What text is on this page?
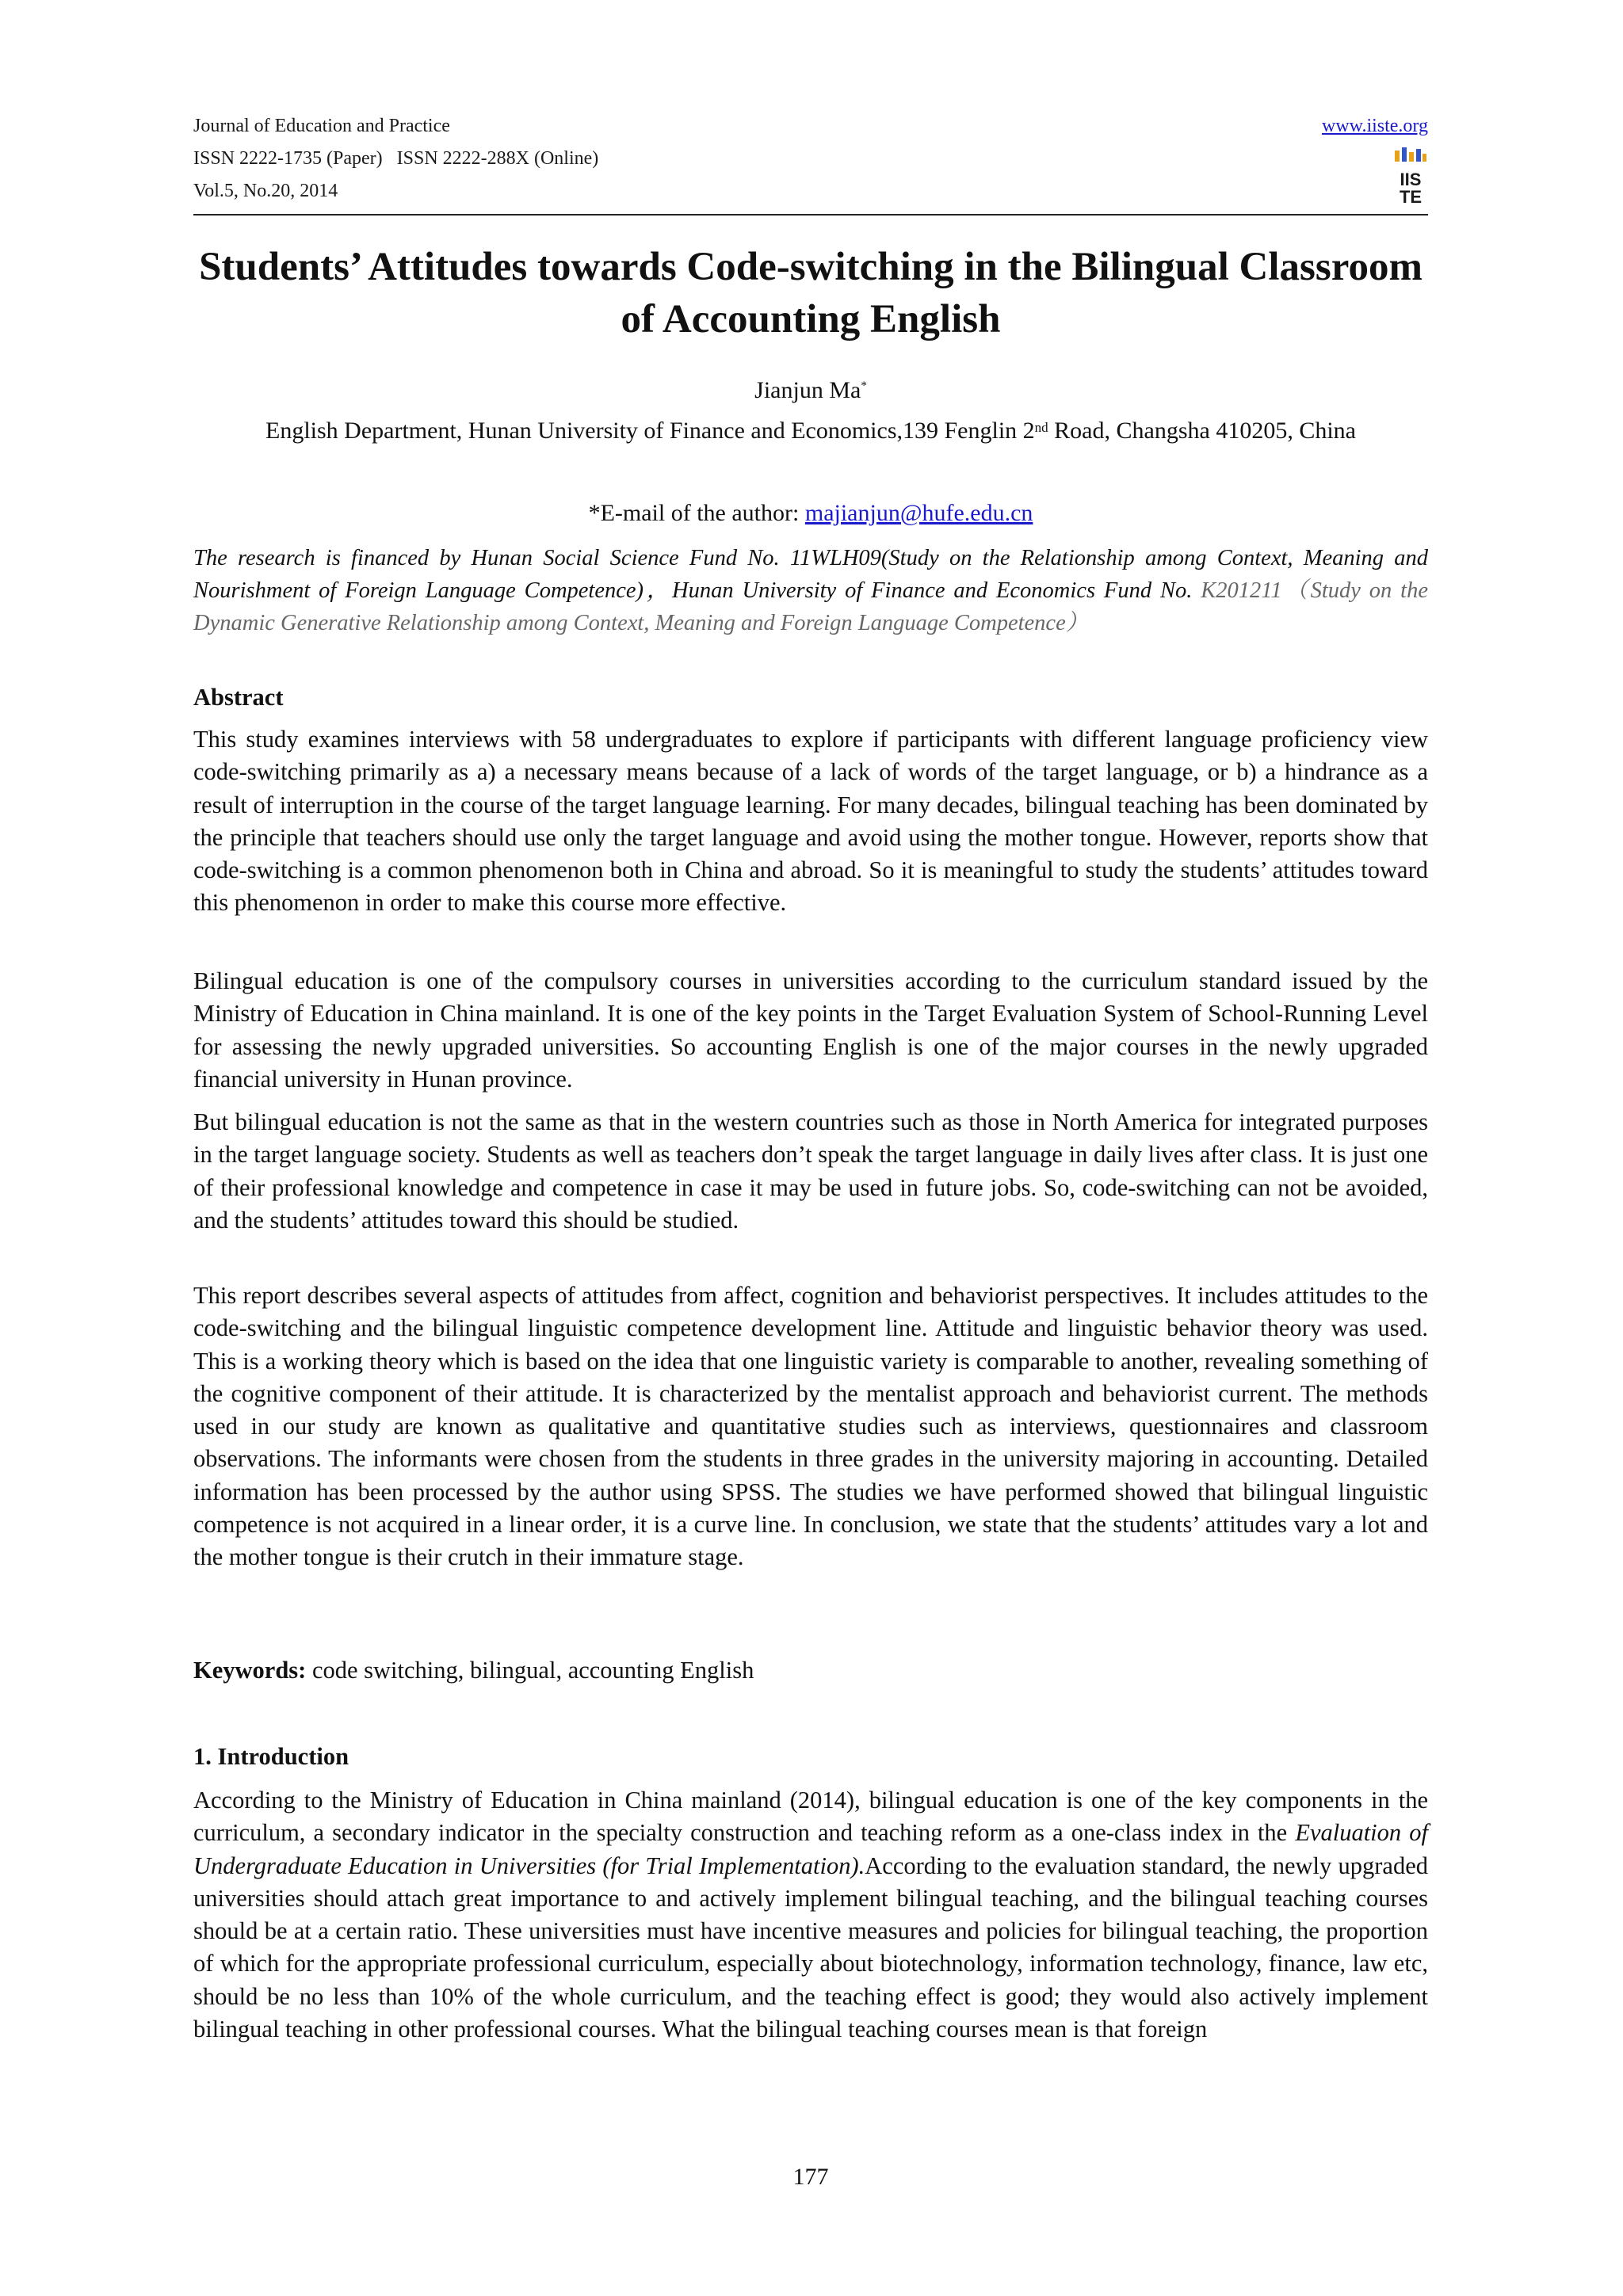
Journal of Education and Practice
ISSN 2222-1735 (Paper)   ISSN 2222-288X (Online)
Vol.5, No.20, 2014
www.iiste.org
IIS
TE
Students’ Attitudes towards Code-switching in the Bilingual Classroom of Accounting English
Jianjun Ma*
English Department, Hunan University of Finance and Economics,139 Fenglin 2nd Road, Changsha 410205, China
*E-mail of the author: majianjun@hufe.edu.cn

The research is financed by Hunan Social Science Fund No. 11WLH09(Study on the Relationship among Context, Meaning and Nourishment of Foreign Language Competence)，Hunan University of Finance and Economics Fund No. K201211（Study on the Dynamic Generative Relationship among Context, Meaning and Foreign Language Competence）

Abstract

This study examines interviews with 58 undergraduates to explore if participants with different language proficiency view code-switching primarily as a) a necessary means because of a lack of words of the target language, or b) a hindrance as a result of interruption in the course of the target language learning. For many decades, bilingual teaching has been dominated by the principle that teachers should use only the target language and avoid using the mother tongue. However, reports show that code-switching is a common phenomenon both in China and abroad. So it is meaningful to study the students’ attitudes toward this phenomenon in order to make this course more effective.

Bilingual education is one of the compulsory courses in universities according to the curriculum standard issued by the Ministry of Education in China mainland. It is one of the key points in the Target Evaluation System of School-Running Level for assessing the newly upgraded universities. So accounting English is one of the major courses in the newly upgraded financial university in Hunan province.

But bilingual education is not the same as that in the western countries such as those in North America for integrated purposes in the target language society. Students as well as teachers don’t speak the target language in daily lives after class. It is just one of their professional knowledge and competence in case it may be used in future jobs. So, code-switching can not be avoided, and the students’ attitudes toward this should be studied.

This report describes several aspects of attitudes from affect, cognition and behaviorist perspectives. It includes attitudes to the code-switching and the bilingual linguistic competence development line. Attitude and linguistic behavior theory was used. This is a working theory which is based on the idea that one linguistic variety is comparable to another, revealing something of the cognitive component of their attitude. It is characterized by the mentalist approach and behaviorist current. The methods used in our study are known as qualitative and quantitative studies such as interviews, questionnaires and classroom observations. The informants were chosen from the students in three grades in the university majoring in accounting. Detailed information has been processed by the author using SPSS. The studies we have performed showed that bilingual linguistic competence is not acquired in a linear order, it is a curve line. In conclusion, we state that the students’ attitudes vary a lot and the mother tongue is their crutch in their immature stage.

Keywords: code switching, bilingual, accounting English

1. Introduction

According to the Ministry of Education in China mainland (2014), bilingual education is one of the key components in the curriculum, a secondary indicator in the specialty construction and teaching reform as a one-class index in the Evaluation of Undergraduate Education in Universities (for Trial Implementation).According to the evaluation standard, the newly upgraded universities should attach great importance to and actively implement bilingual teaching, and the bilingual teaching courses should be at a certain ratio. These universities must have incentive measures and policies for bilingual teaching, the proportion of which for the appropriate professional curriculum, especially about biotechnology, information technology, finance, law etc, should be no less than 10% of the whole curriculum, and the teaching effect is good; they would also actively implement bilingual teaching in other professional courses. What the bilingual teaching courses mean is that foreign

177
